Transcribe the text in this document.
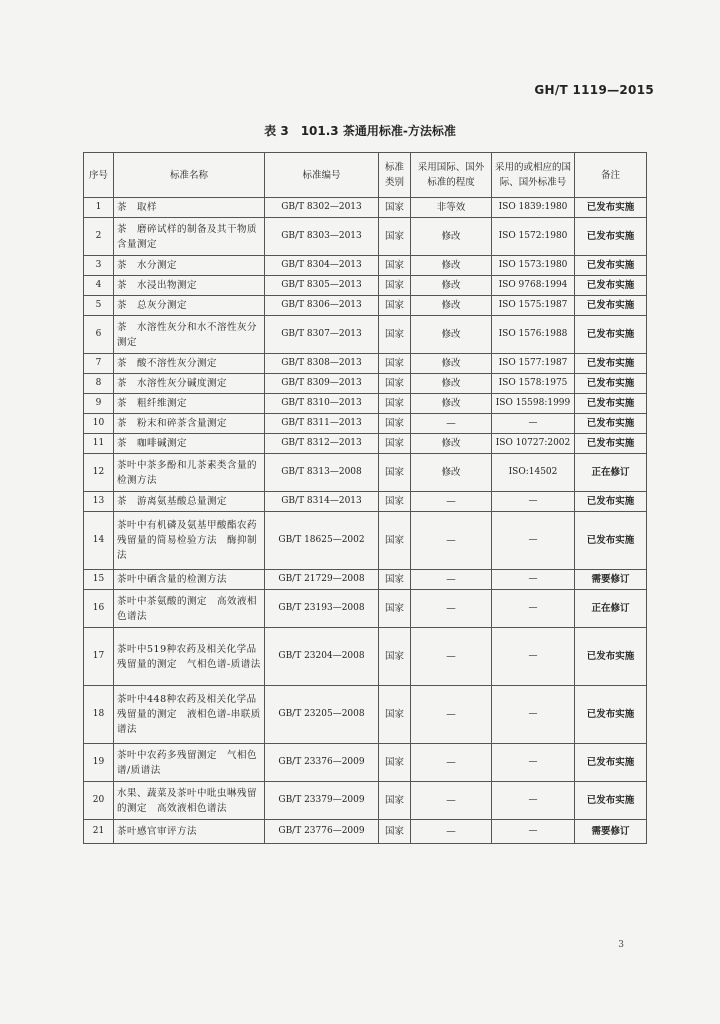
GH/T 1119—2015
表 3　101.3 茶通用标准-方法标准
序号	标准名称	标准编号	标准类别	采用国际、国外标准的程度	采用的或相应的国际、国外标准号	备注
1	茶　取样	GB/T 8302—2013	国家	非等效	ISO 1839:1980	已发布实施
2	茶　磨碎试样的制备及其干物质含量测定	GB/T 8303—2013	国家	修改	ISO 1572:1980	已发布实施
3	茶　水分测定	GB/T 8304—2013	国家	修改	ISO 1573:1980	已发布实施
4	茶　水浸出物测定	GB/T 8305—2013	国家	修改	ISO 9768:1994	已发布实施
5	茶　总灰分测定	GB/T 8306—2013	国家	修改	ISO 1575:1987	已发布实施
6	茶　水溶性灰分和水不溶性灰分测定	GB/T 8307—2013	国家	修改	ISO 1576:1988	已发布实施
7	茶　酸不溶性灰分测定	GB/T 8308—2013	国家	修改	ISO 1577:1987	已发布实施
8	茶　水溶性灰分碱度测定	GB/T 8309—2013	国家	修改	ISO 1578:1975	已发布实施
9	茶　粗纤维测定	GB/T 8310—2013	国家	修改	ISO 15598:1999	已发布实施
10	茶　粉末和碎茶含量测定	GB/T 8311—2013	国家	—	—	已发布实施
11	茶　咖啡碱测定	GB/T 8312—2013	国家	修改	ISO 10727:2002	已发布实施
12	茶叶中茶多酚和儿茶素类含量的检测方法	GB/T 8313—2008	国家	修改	ISO:14502	正在修订
13	茶　游离氨基酸总量测定	GB/T 8314—2013	国家	—	—	已发布实施
14	茶叶中有机磷及氨基甲酸酯农药残留量的简易检验方法　酶抑制法	GB/T 18625—2002	国家	—	—	已发布实施
15	茶叶中硒含量的检测方法	GB/T 21729—2008	国家	—	—	需要修订
16	茶叶中茶氨酸的测定　高效液相色谱法	GB/T 23193—2008	国家	—	—	正在修订
17	茶叶中519种农药及相关化学品残留量的测定　气相色谱-质谱法	GB/T 23204—2008	国家	—	—	已发布实施
18	茶叶中448种农药及相关化学品残留量的测定　液相色谱-串联质谱法	GB/T 23205—2008	国家	—	—	已发布实施
19	茶叶中农药多残留测定　气相色谱/质谱法	GB/T 23376—2009	国家	—	—	已发布实施
20	水果、蔬菜及茶叶中吡虫啉残留的测定　高效液相色谱法	GB/T 23379—2009	国家	—	—	已发布实施
21	茶叶感官审评方法	GB/T 23776—2009	国家	—	—	需要修订
3
